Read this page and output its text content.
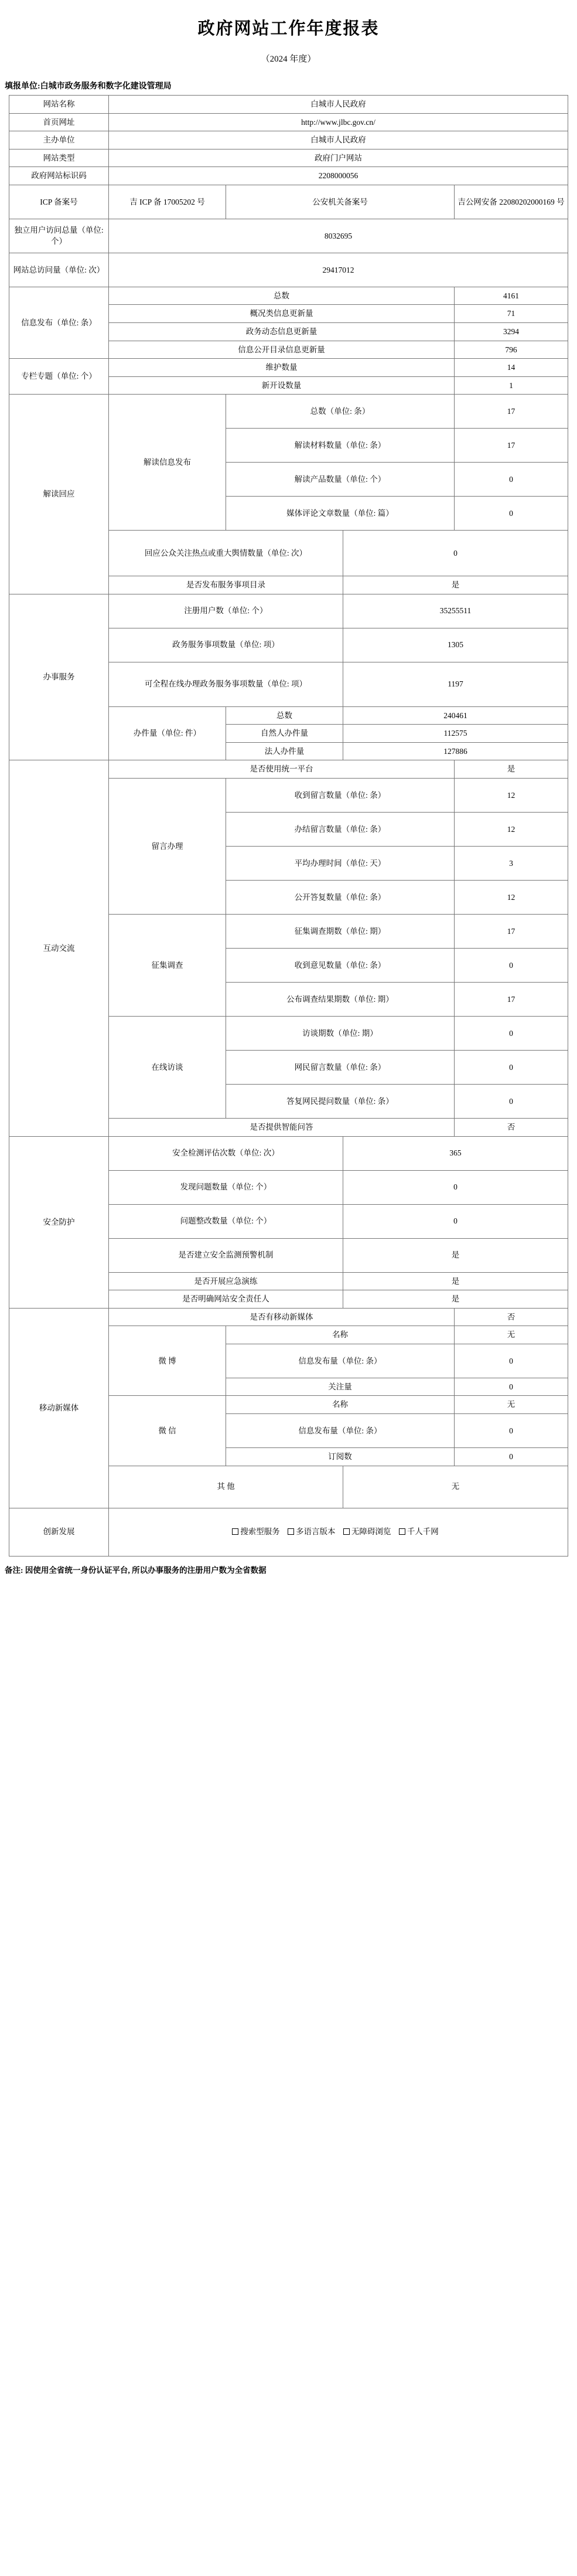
政府网站工作年度报表
（2024 年度）
填报单位:白城市政务服务和数字化建设管理局
网站名称	白城市人民政府			
首页网址	http://www.jlbc.gov.cn/			
主办单位	白城市人民政府			
网站类型	政府门户网站			
政府网站标识码	2208000056			
ICP 备案号	吉 ICP 备 17005202 号	公安机关备案号		吉公网安备 22080202000169 号
独立用户访问总量（单位: 个）	8032695			
网站总访问量（单位: 次）	29417012			
信息发布（单位: 条）	总数			4161
	概况类信息更新量			71
	政务动态信息更新量			3294
	信息公开目录信息更新量			796
专栏专题（单位: 个）	维护数量			14
	新开设数量			1
解读回应	解读信息发布	总数（单位: 条）		17
		解读材料数量（单位: 条）		17
		解读产品数量（单位: 个）		0
		媒体评论文章数量（单位: 篇）		0
	回应公众关注热点或重大舆情数量（单位: 次）		0	
	是否发布服务事项目录		是	
办事服务	注册用户数（单位: 个）		35255511	
	政务服务事项数量（单位: 项）		1305	
	可全程在线办理政务服务事项数量（单位: 项）		1197	
	办件量（单位: 件）	总数	240461	
		自然人办件量	112575	
		法人办件量	127886	
互动交流	是否使用统一平台			是
	留言办理	收到留言数量（单位: 条）		12
		办结留言数量（单位: 条）		12
		平均办理时间（单位: 天）		3
		公开答复数量（单位: 条）		12
	征集调查	征集调查期数（单位: 期）		17
		收到意见数量（单位: 条）		0
		公布调查结果期数（单位: 期）		17
	在线访谈	访谈期数（单位: 期）		0
		网民留言数量（单位: 条）		0
		答复网民提问数量（单位: 条）		0
	是否提供智能问答			否
安全防护	安全检测评估次数（单位: 次）		365	
	发现问题数量（单位: 个）		0	
	问题整改数量（单位: 个）		0	
	是否建立安全监测预警机制		是	
	是否开展应急演练		是	
	是否明确网站安全责任人		是	
移动新媒体	是否有移动新媒体			否
	微 博	名称		无
		信息发布量（单位: 条）		0
		关注量		0
	微 信	名称		无
		信息发布量（单位: 条）		0
		订阅数		0
	其 他		无	
创新发展	搜索型服务 多语言版本 无障碍浏览 千人千网			
备注: 因使用全省统一身份认证平台, 所以办事服务的注册用户数为全省数据
